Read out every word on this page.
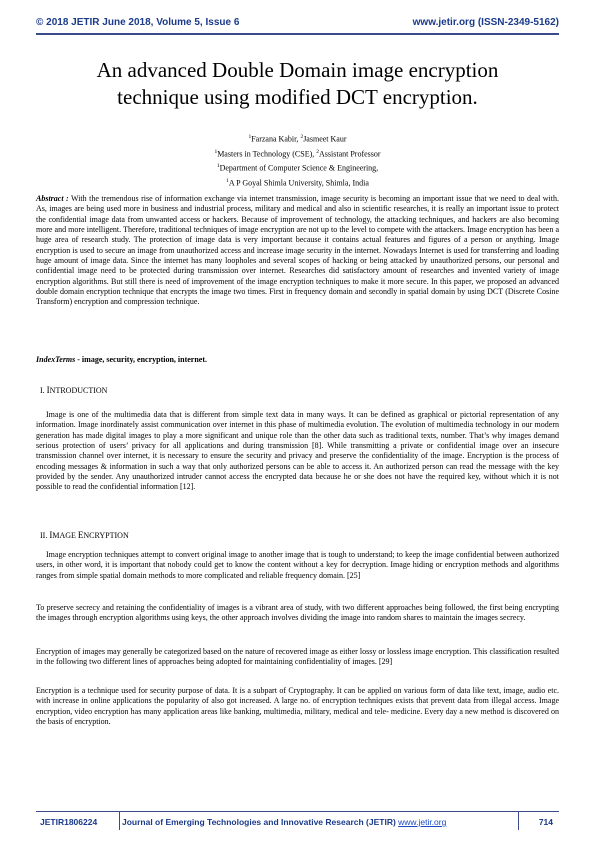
© 2018 JETIR June 2018, Volume 5, Issue 6	www.jetir.org (ISSN-2349-5162)
An advanced Double Domain image encryption
technique using modified DCT encryption.
$^1$Farzana Kabir, $^2$Jasmeet Kaur
$^1$Masters in Technology (CSE), $^2$Assistant Professor
$^1$Department of Computer Science & Engineering,
$^1$A P Goyal Shimla University, Shimla, India
Abstract : With the tremendous rise of information exchange via internet transmission, image security is becoming an important issue that we need to deal with. As, images are being used more in business and industrial process, military and medical and also in scientific researches, it is really an important issue to protect the confidential image data from unwanted access or hackers. Because of improvement of technology, the attacking techniques, and hackers are also becoming more and more intelligent. Therefore, traditional techniques of image encryption are not up to the level to compete with the attackers. Image encryption has been a huge area of research study. The protection of image data is very important because it contains actual features and figures of a person or anything. Image encryption is used to secure an image from unauthorized access and increase image security in the internet. Nowadays Internet is used for transferring and loading huge amount of image data. Since the internet has many loopholes and several scopes of hacking or being attacked by unauthorized persons, our personal and confidential image need to be protected during transmission over internet. Researches did satisfactory amount of researches and invented variety of image encryption algorithms. But still there is need of improvement of the image encryption techniques to make it more secure. In this paper, we proposed an advanced double domain encryption technique that encrypts the image two times. First in frequency domain and secondly in spatial domain by using DCT (Discrete Cosine Transform) encryption and compression technique.
IndexTerms - image, security, encryption, internet.
I. INTRODUCTION
Image is one of the multimedia data that is different from simple text data in many ways. It can be defined as graphical or pictorial representation of any information. Image inordinately assist communication over internet in this phase of multimedia evolution. The evolution of multimedia technology in our modern generation has made digital images to play a more significant and unique role than the other data such as traditional texts, number. That’s why images demand serious protection of users’ privacy for all applications and during transmission [8]. While transmitting a private or confidential image over an insecure transmission channel over internet, it is necessary to ensure the security and privacy and preserve the confidentiality of the image. Encryption is the process of encoding messages & information in such a way that only authorized persons can be able to access it. An authorized person can read the message with the key provided by the sender. Any unauthorized intruder cannot access the encrypted data because he or she does not have the required key, without which it is not possible to read the confidential information [12].
II. IMAGE ENCRYPTION
Image encryption techniques attempt to convert original image to another image that is tough to understand; to keep the image confidential between authorized users, in other word, it is important that nobody could get to know the content without a key for decryption. Image hiding or encryption methods and algorithms ranges from simple spatial domain methods to more complicated and reliable frequency domain. [25]
To preserve secrecy and retaining the confidentiality of images is a vibrant area of study, with two different approaches being followed, the first being encrypting the images through encryption algorithms using keys, the other approach involves dividing the image into random shares to maintain the images secrecy.
Encryption of images may generally be categorized based on the nature of recovered image as either lossy or lossless image encryption. This classification resulted in the following two different lines of approaches being adopted for maintaining confidentiality of images. [29]
Encryption is a technique used for security purpose of data. It is a subpart of Cryptography. It can be applied on various form of data like text, image, audio etc. with increase in online applications the popularity of also got increased. A large no. of encryption techniques exists that prevent data from illegal access. Image encryption, video encryption has many application areas like banking, multimedia, military, medical and tele- medicine. Every day a new method is discovered on the basis of encryption.
JETIR1806224	Journal of Emerging Technologies and Innovative Research (JETIR) www.jetir.org	714
